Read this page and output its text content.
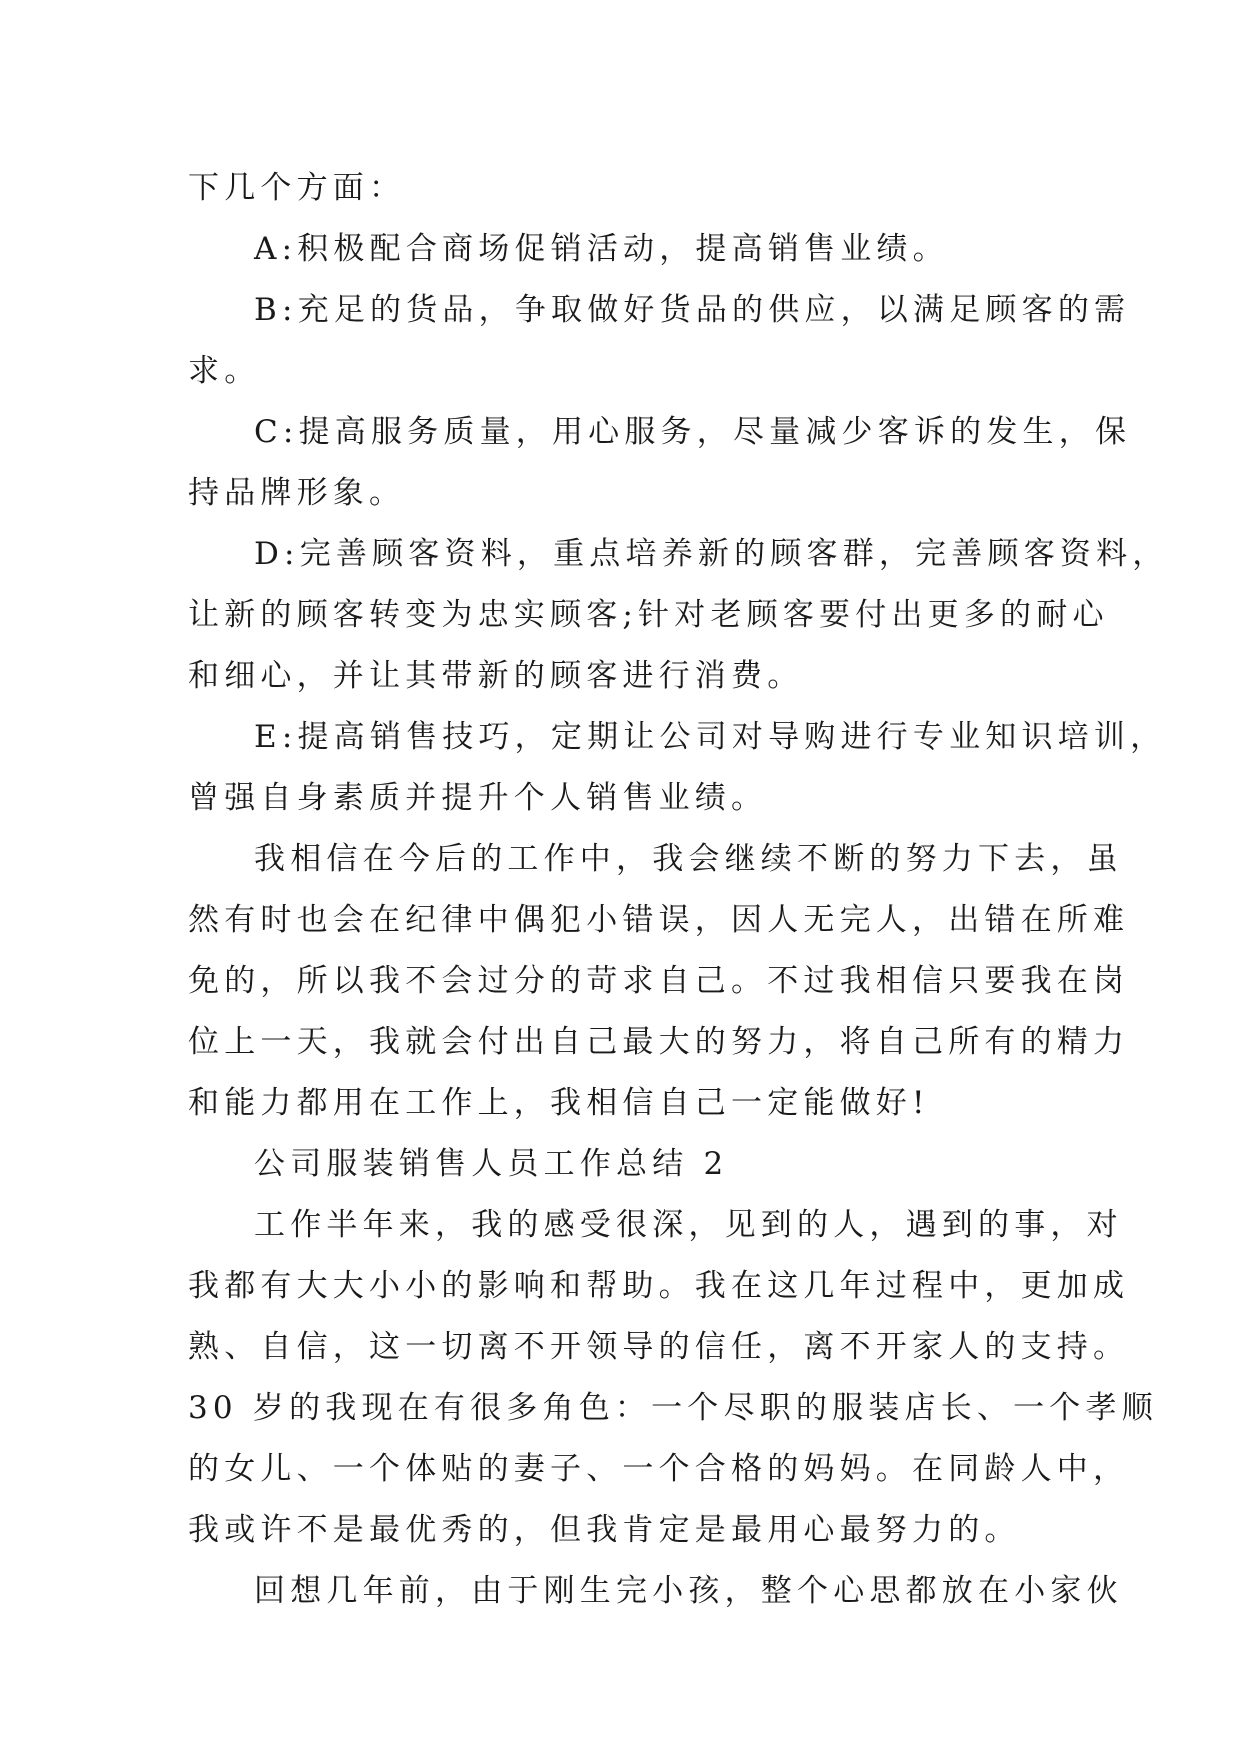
下几个方面：
A:积极配合商场促销活动，提高销售业绩。
B:充足的货品，争取做好货品的供应，以满足顾客的需
求。
C:提高服务质量，用心服务，尽量减少客诉的发生，保
持品牌形象。
D:完善顾客资料，重点培养新的顾客群，完善顾客资料，
让新的顾客转变为忠实顾客;针对老顾客要付出更多的耐心
和细心，并让其带新的顾客进行消费。
E:提高销售技巧，定期让公司对导购进行专业知识培训，
曾强自身素质并提升个人销售业绩。
我相信在今后的工作中，我会继续不断的努力下去，虽
然有时也会在纪律中偶犯小错误，因人无完人，出错在所难
免的，所以我不会过分的苛求自己。不过我相信只要我在岗
位上一天，我就会付出自己最大的努力，将自己所有的精力
和能力都用在工作上，我相信自己一定能做好!
公司服装销售人员工作总结 2
工作半年来，我的感受很深，见到的人，遇到的事，对
我都有大大小小的影响和帮助。我在这几年过程中，更加成
熟、自信，这一切离不开领导的信任，离不开家人的支持。
30 岁的我现在有很多角色：一个尽职的服装店长、一个孝顺
的女儿、一个体贴的妻子、一个合格的妈妈。在同龄人中，
我或许不是最优秀的，但我肯定是最用心最努力的。
回想几年前，由于刚生完小孩，整个心思都放在小家伙
